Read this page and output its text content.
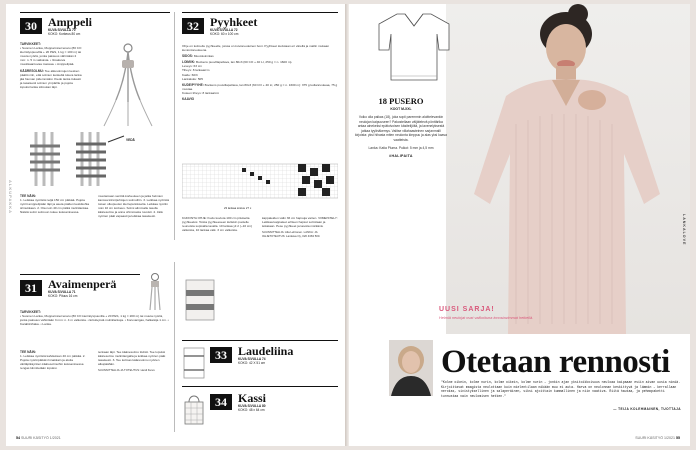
ALKUPAKKA
30 Amppeli
KUVA SIVULLA 70
KOKO: Korkeus 80 cm

TARVIKKEET:
• Suomen Lanka, Moppari-kierrenaru (80 CO kierrätyspuuvilla + 20 PES, 1 kg = 100 m) tai muuta nyöriä, jonka paksuus vähintään 2 mm: n. 5 m valkoista. • Ilmakuiva muokkaantuvaa massaa. • Amppelipää.

KÄÄRESOLMU: Tee alkusolmujen kesken päättö niin, että solmun keskeltä tuleva lanka jää hieman pidemmäksi. Kiedo lanka tiukasti ja tasaisesti solmun ympärille ja pujota lopuksi lanka silmukan läpi.

VEDÄ

TEE NÄIN:
1. Leikkaa nyöristä neljä 150 cm pätkää. Pujota nyörit amppelipään läpi ja aseta päiden keskikohta silmukkaan. 2. Ota noin 40 cm pätkä mulinilankaa. Näistä solmi solmuun tukee kokoamisessa.

muotamaan senttiä korkeuteen ja jatka helmien kanssa kiinnipuhtojen solmuihin. 3. Leikkaa nyöristä toisen ulkopuolen kierrepuitokselta. Leikkaa nyöriin noin 10 cm korkeus. Solmi alimmalle tasolle kääresolmu ja anna ohimmasta ruuvisti. 4. Jätä nyörien päät vapaasti ja leikkaa tasaisesti.

31 Avaimenperä
KUVA SIVULLA 71
KOKO: Pituus 16 cm

TARVIKKEET:
• Suomen Lanka, Moppari-kierrenaru (80 CO kierrätyspuuvilla + 20 PES, 1 kg = 200 m) tai muuta nyöriä, jonka paksuus vähintään 3 mm: n. 4 m valkoista. • Erisävyisiä mulinilankoja. • Koruvanigas, halkaisija 1 cm. • Karabiinihaka. • Lanka.

TEE NÄIN:
1. Leikkaa nyöristä kahdeksan 40 cm pätkää. 2. Pujota nyörinpätkät rinnakkain ja aloita väriläpikäyntien kääresolmuihin kokoamisessa rengas kiinnitetään lopuksi.

tenkaan läpi. Tee käänesolmu tiiviisti. Tee lopuksi kääresolmu mulinilangalla ja leikkaa nyörien päät tasaisesti. 3. Tee kolmas kääresolmu nyörien alkupäähän.

SUUNNITTELIJA JA TOTEUTUS: Heidi Kuivu

32 Pyyhkeet
KUVA SIVULLA 72
KOKO: 60 x 100 cm

Ohje on kolmelle pyyhkeelle, joissa on kuvioneuleinen boni. Pyyhkeet kudotaan eri värellä ja mallin mukaan kuviontoneuleena.

SIDOS: Muotoloimikas

LOIMI/K: Bockens puuvillapellava, lan 80x3 (60 CO + 40 LI, 250 g = n. 1600 m).
Leveys: 63 cm
Tiheys: 8 lankaa/cm
Kaide: 60/3
Lankaluku: 505

KUDE/PYYHE: Bockens puuvillapellava, lan 80x3 (60 CO + 40 LI, 250 g = n. 1600 m): 375 g kullanruskeaa, 75 g mustaa.
Kuteen tiheys: 8 lankaa/cm

KAAVIO

23 lankaa toistuu 27 x

KUDONTA OHJE: Kudo kuviota 100 cm pituiselta pyyhkeeksi. Toista pyyhkeeseen kullekin puolelle reunoista sopivalla tavalla. 10 lankaa yli 2 (~10 cm) valkoista, 10 lankaa valk. 3 cm valkoista.

kappaleiden välin 36 cm hapsuja varten. VIIMEISTELY: Leikkaa kappaleet erilleen hapsut solmitaan ja leikataan. Pese pyyhkeet ja tasoita märkänä.

SUUNNITTELIJA: Aila Lehtonen. LANKA: JA OHJETOTEUTUS: Lankava Oy, 020 4363 500.

33 Laudeliina
KUVA SIVULLA 74
KOKO: 42 X 51 cm
34 Kassi
KUVA SIVULLA 80
KOKO: 48 x 64 cm
54 SUURI KÄSITYÖ 1/2021
LANKALOVE
18 PUSERO
KOOT M-XXL
Voiko olla paikas (18), joka sopii paremmin aloittelevankin neulojan kaipuuseen? Pakostellaan väljätelevä pönttärika antaa ainekeksi epätoivoisen käsitelijöitä, ja lavenelyksestä jatkaa tyylinäkemys. Valitse villahaasteinen sarjanmalli kirjoista: yksi hihasta miten neulonta kieppuu ja alas yksi kaava vaatteista.
Lanka: Katia Pluma. Puikot: 5 mm ja 4,5 mm
#HALIPAITA
UUSI SARJA!
Helmiä neulojat ovat valikoituna innostavimmat hetkellä.
Otetaan rennosti
"Kolme oikein, kolme nurin, kolme oikein, kolme nurin – jonkin ajan yksitoikkoisuus neuloaa kaipaaan esiin aivan uusia nimiä. Kirjoittavat maagista neulottaan kuin mielentilaan mikään muu ei auta. Harva on neulonnan keskittyvä ja lämmin – kerrallaan nerokas, sivistyksellinen ja salaperäinen, siksi ajoittain kummallinen ja niin vaativa. Riitä hautaa, ja pehmopaketti tunnustaa vain neulomisen hetken."
— TEIJA KOLEHMAINEN, TUOTTAJA
SUURI KÄSITYÖ 1/2021 55
